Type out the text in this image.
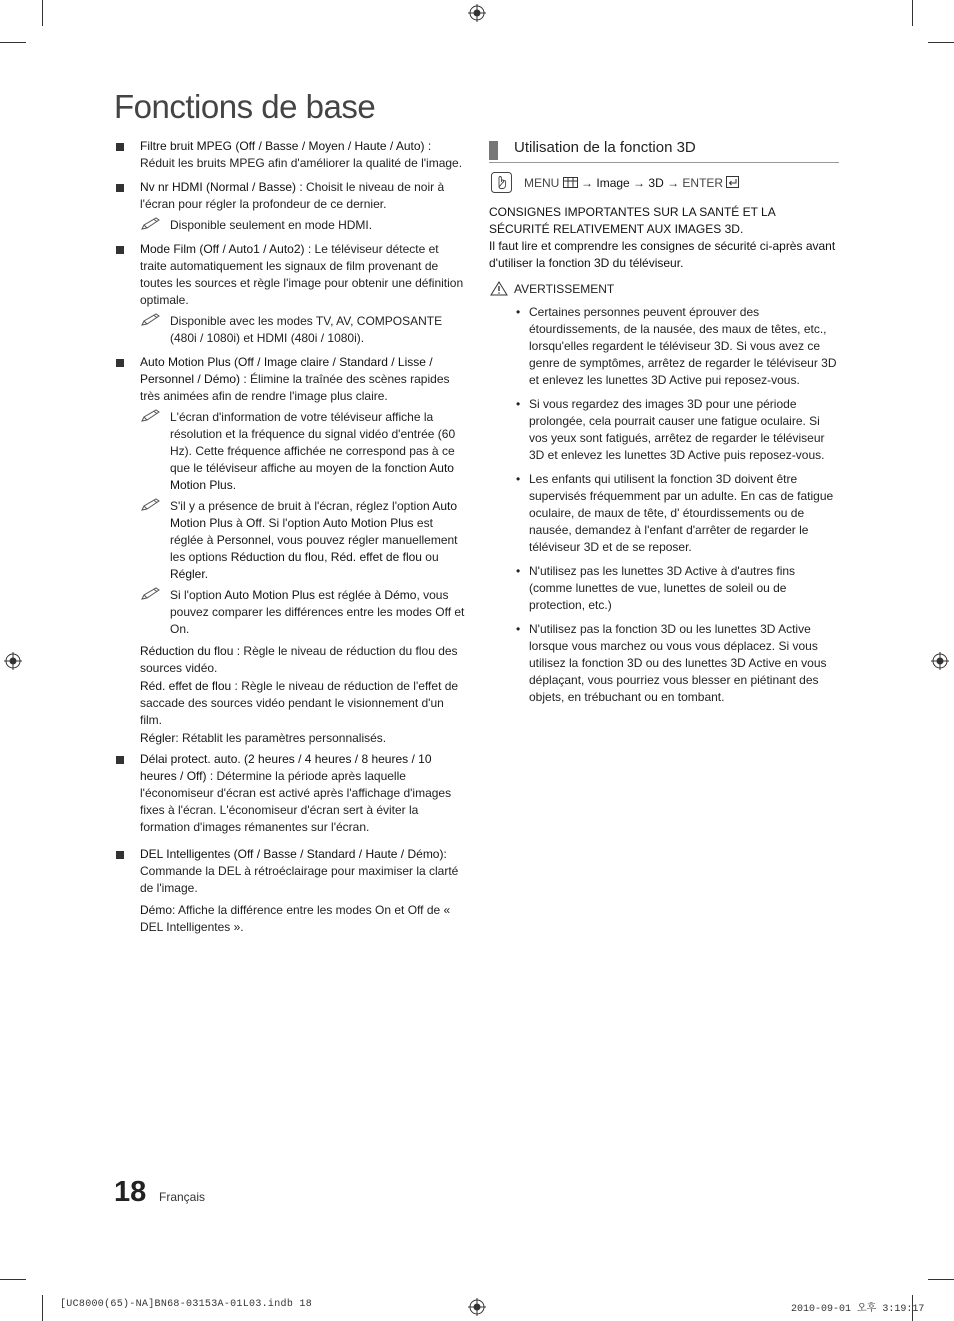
Fonctions de base
Filtre bruit MPEG (Off / Basse / Moyen / Haute / Auto) : Réduit les bruits MPEG afin d'améliorer la qualité de l'image.
Nv nr HDMI (Normal / Basse) : Choisit le niveau de noir à l'écran pour régler la profondeur de ce dernier.
Disponible seulement en mode HDMI.
Mode Film (Off / Auto1 / Auto2) : Le téléviseur détecte et traite automatiquement les signaux de film provenant de toutes les sources et règle l'image pour obtenir une définition optimale.
Disponible avec les modes TV, AV, COMPOSANTE (480i / 1080i) et HDMI (480i / 1080i).
Auto Motion Plus (Off / Image claire / Standard / Lisse / Personnel / Démo) : Élimine la traînée des scènes rapides très animées afin de rendre l'image plus claire.
L'écran d'information de votre téléviseur affiche la résolution et la fréquence du signal vidéo d'entrée (60 Hz). Cette fréquence affichée ne correspond pas à ce que le téléviseur affiche au moyen de la fonction Auto Motion Plus.
S'il y a présence de bruit à l'écran, réglez l'option Auto Motion Plus à Off. Si l'option Auto Motion Plus est réglée à Personnel, vous pouvez régler manuellement les options Réduction du flou, Réd. effet de flou ou Régler.
Si l'option Auto Motion Plus est réglée à Démo, vous pouvez comparer les différences entre les modes Off et On.
Réduction du flou : Règle le niveau de réduction du flou des sources vidéo.
Réd. effet de flou : Règle le niveau de réduction de l'effet de saccade des sources vidéo pendant le visionnement d'un film.
Régler: Rétablit les paramètres personnalisés.
Délai protect. auto. (2 heures / 4 heures / 8 heures / 10 heures / Off) : Détermine la période après laquelle l'économiseur d'écran est activé après l'affichage d'images fixes à l'écran. L'économiseur d'écran sert à éviter la formation d'images rémanentes sur l'écran.
DEL Intelligentes (Off / Basse / Standard / Haute / Démo): Commande la DEL à rétroéclairage pour maximiser la clarté de l'image.
Démo: Affiche la différence entre les modes On et Off de « DEL Intelligentes ».
Utilisation de la fonction 3D
MENU  → Image → 3D → ENTER
CONSIGNES IMPORTANTES SUR LA SANTÉ ET LA SÉCURITÉ RELATIVEMENT AUX IMAGES 3D.
Il faut lire et comprendre les consignes de sécurité ci-après avant d'utiliser la fonction 3D du téléviseur.
AVERTISSEMENT
• Certaines personnes peuvent éprouver des étourdissements, de la nausée, des maux de têtes, etc., lorsqu'elles regardent le téléviseur 3D. Si vous avez ce genre de symptômes, arrêtez de regarder le téléviseur 3D et enlevez les lunettes 3D Active pui reposez-vous.
• Si vous regardez des images 3D pour une période prolongée, cela pourrait causer une fatigue oculaire. Si vos yeux sont fatigués, arrêtez de regarder le téléviseur 3D et enlevez les lunettes 3D Active puis reposez-vous.
• Les enfants qui utilisent la fonction 3D doivent être supervisés fréquemment par un adulte. En cas de fatigue oculaire, de maux de tête, d' étourdissements ou de nausée, demandez à l'enfant d'arrêter de regarder le téléviseur 3D et de se reposer.
• N'utilisez pas les lunettes 3D Active à d'autres fins (comme lunettes de vue, lunettes de soleil ou de protection, etc.)
• N'utilisez pas la fonction 3D ou les lunettes 3D Active lorsque vous marchez ou vous vous déplacez. Si vous utilisez la fonction 3D ou des lunettes 3D Active en vous déplaçant, vous pourriez vous blesser en piétinant des objets, en trébuchant ou en tombant.
18 Français
[UC8000(65)-NA]BN68-03153A-01L03.indb 18	2010-09-01 오후 3:19:17
